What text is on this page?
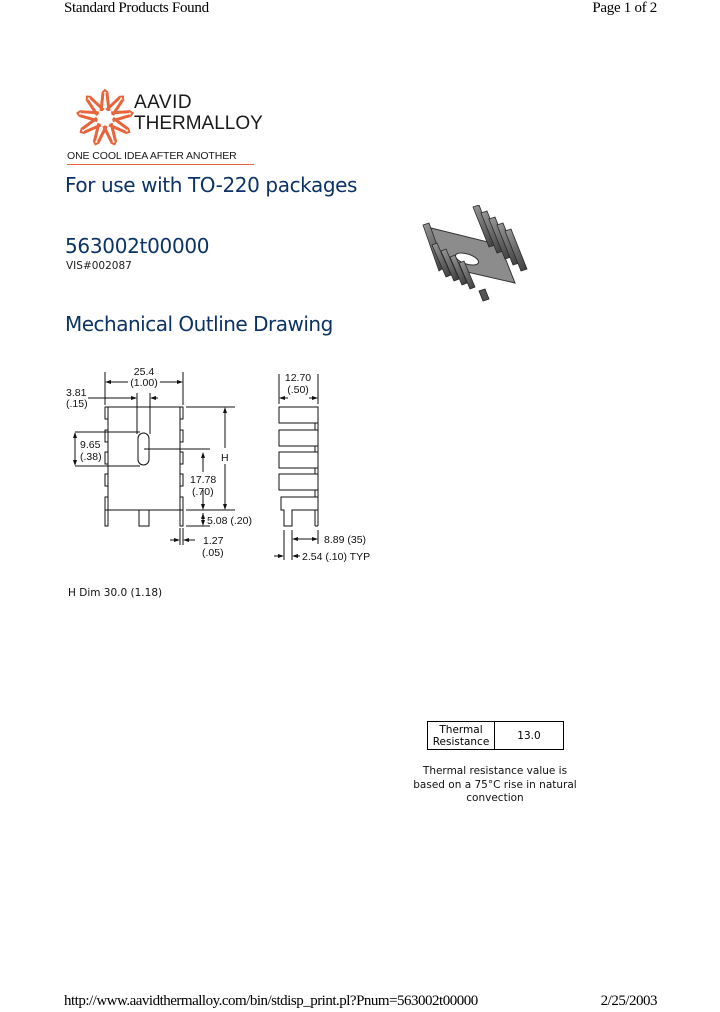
Standard Products Found	Page 1 of 2
AAVID
THERMALLOY
ONE COOL IDEA AFTER ANOTHER
For use with TO-220 packages
563002t00000
VIS#002087
Mechanical Outline Drawing
25.4
(1.00)
3.81
(.15)
9.65
(.38)	H
17.78
(.70)
5.08 (.20)
1.27
(.05)
12.70
(.50)
8.89 (35)
2.54 (.10) TYP
H Dim 30.0 (1.18)
Thermal
Resistance	13.0
Thermal resistance value is based on a 75°C rise in natural convection
http://www.aavidthermalloy.com/bin/stdisp_print.pl?Pnum=563002t00000	2/25/2003
